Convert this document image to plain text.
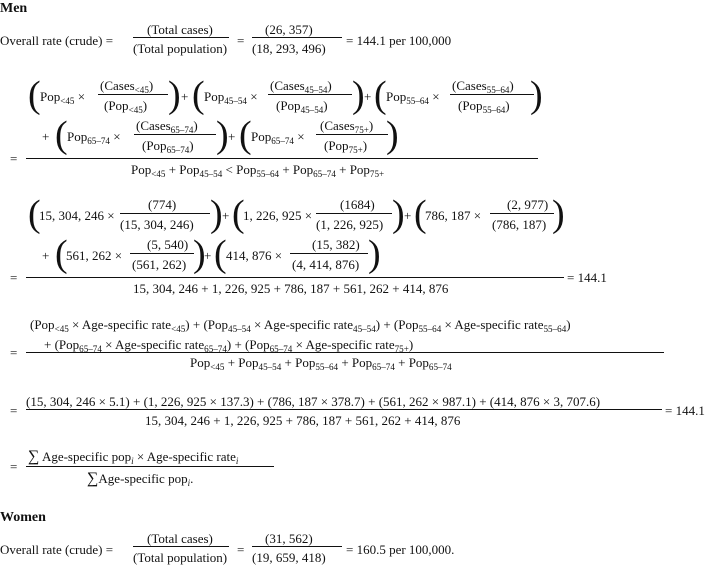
Men
Overall rate (crude) =
(Total cases)
(Total population)
=
(26, 357)
(18, 293, 496)
= 144.1 per 100,000
( Pop$_{<45}$ ×
(Cases$_{<45}$)
(Pop$_{<45}$) ) + ( Pop$_{45-54}$ ×
(Cases$_{45-54}$)
(Pop$_{45-54}$) ) + ( Pop$_{55-64}$ ×
(Cases$_{55-64}$)
(Pop$_{55-64}$) )
+ ( Pop$_{65-74}$ ×
(Cases$_{65-74}$)
(Pop$_{65-74}$) ) + ( Pop$_{65-74}$ ×
(Cases$_{75+}$)
(Pop$_{75+}$) )
=
Pop$_{<45}$ + Pop$_{45-54}$ < Pop$_{55-64}$ + Pop$_{65-74}$ + Pop$_{75+}$
(
15, 304, 246 ×
(774)
(15, 304, 246) ) + (
1, 226, 925 ×
(1684)
(1, 226, 925) ) + (
786, 187 ×
(2, 977)
(786, 187) )
+ (
561, 262 ×
(5, 540)
(561, 262) )
+ ( 414, 876 ×
(15, 382)
(4, 414, 876) )
=
15, 304, 246 + 1, 226, 925 + 786, 187 + 561, 262 + 414, 876
= 144.1
(Pop$_{<45}$ × Age-specific rate$_{<45}$) + (Pop$_{45-54}$ × Age-specific rate$_{45-54}$) + (Pop$_{55-64}$ × Age-specific rate$_{55-64}$)
+ (Pop$_{65-74}$ × Age-specific rate$_{65-74}$) + (Pop$_{65-74}$ × Age-specific rate$_{75+}$)
=
Pop$_{<45}$ + Pop$_{45-54}$ + Pop$_{55-64}$ + Pop$_{65-74}$ + Pop$_{65-74}$
=
(15, 304, 246 × 5.1) + (1, 226, 925 × 137.3) + (786, 187 × 378.7) + (561, 262 × 987.1) + (414, 876 × 3, 707.6)
15, 304, 246 + 1, 226, 925 + 786, 187 + 561, 262 + 414, 876
= 144.1
=
∑ Age-specific pop$_i$ × Age-specific rate$_i$
∑Age-specific pop$_i$.
Women
Overall rate (crude) =
(Total cases)
(Total population)
=
(31, 562)
(19, 659, 418)
= 160.5 per 100,000.
